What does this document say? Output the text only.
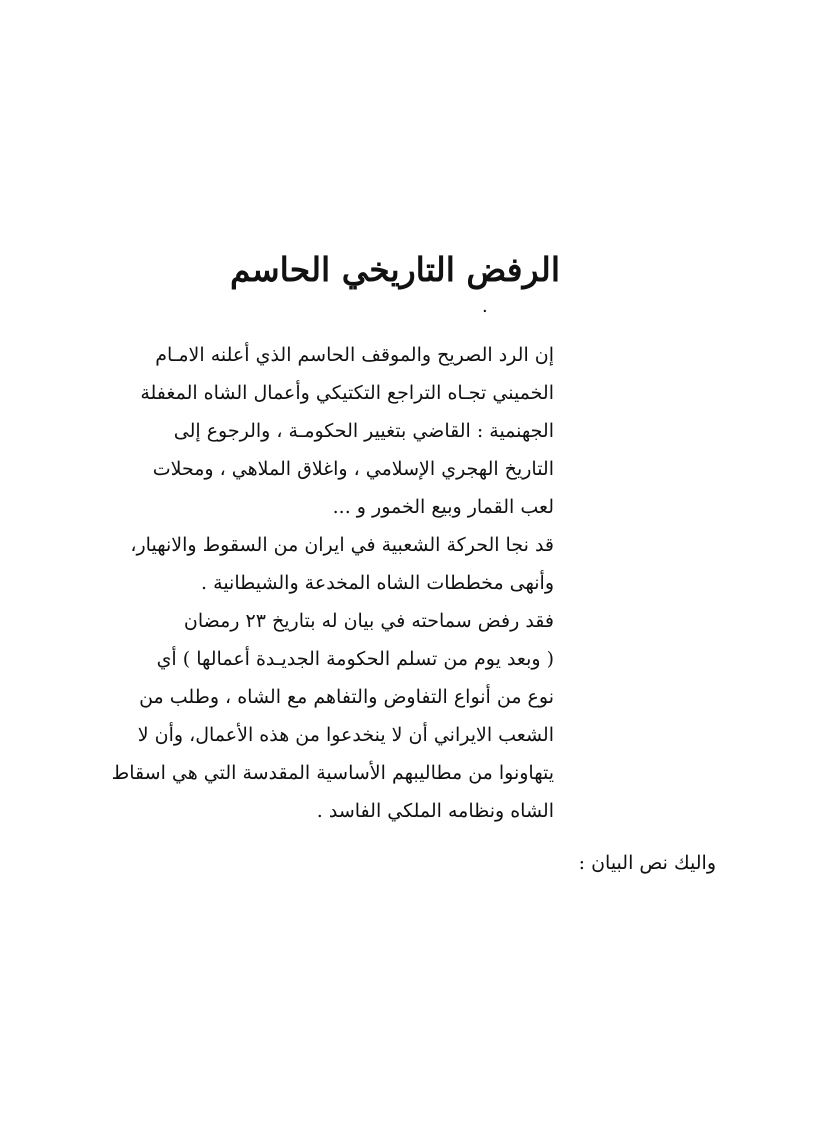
الرفض التاريخي الحاسم
٠
إن الرد الصريح والموقف الحاسم الذي أعلنه الامـام
الخميني تجـاه التراجع التكتيكي وأعمال الشاه المغفلة
الجهنمية : القاضي بتغيير الحكومـة ، والرجوع إلى
التاريخ الهجري الإسلامي ، واغلاق الملاهي ، ومحلات
لعب القمار وبيع الخمور و ...
قد نجا الحركة الشعبية في ايران من السقوط والانهيار،
وأنهى مخططات الشاه المخدعة والشيطانية .
فقد رفض سماحته في بيان له بتاريخ ٢٣ رمضان
( وبعد يوم من تسلم الحكومة الجديـدة أعمالها ) أي
نوع من أنواع التفاوض والتفاهم مع الشاه ، وطلب من
الشعب الايراني أن لا ينخدعوا من هذه الأعمال، وأن لا
يتهاونوا من مطاليبهم الأساسية المقدسة التي هي اسقاط
الشاه ونظامه الملكي الفاسد .
واليك نص البيان :
